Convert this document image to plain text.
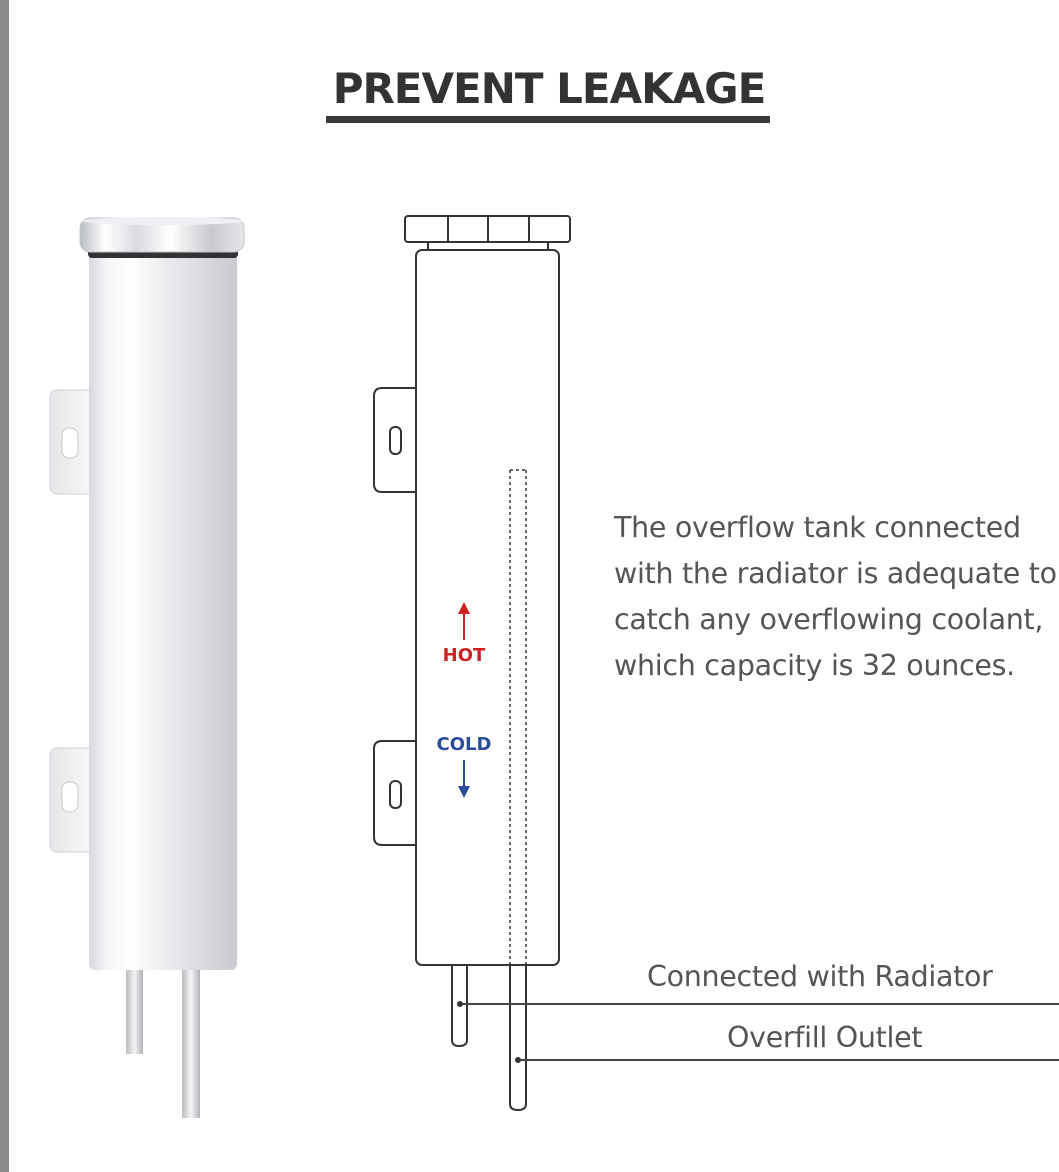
PREVENT LEAKAGE
HOT
COLD
The overflow tank connected with the radiator is adequate to catch any overflowing coolant, which capacity is 32 ounces.
Connected with Radiator
Overfill Outlet
